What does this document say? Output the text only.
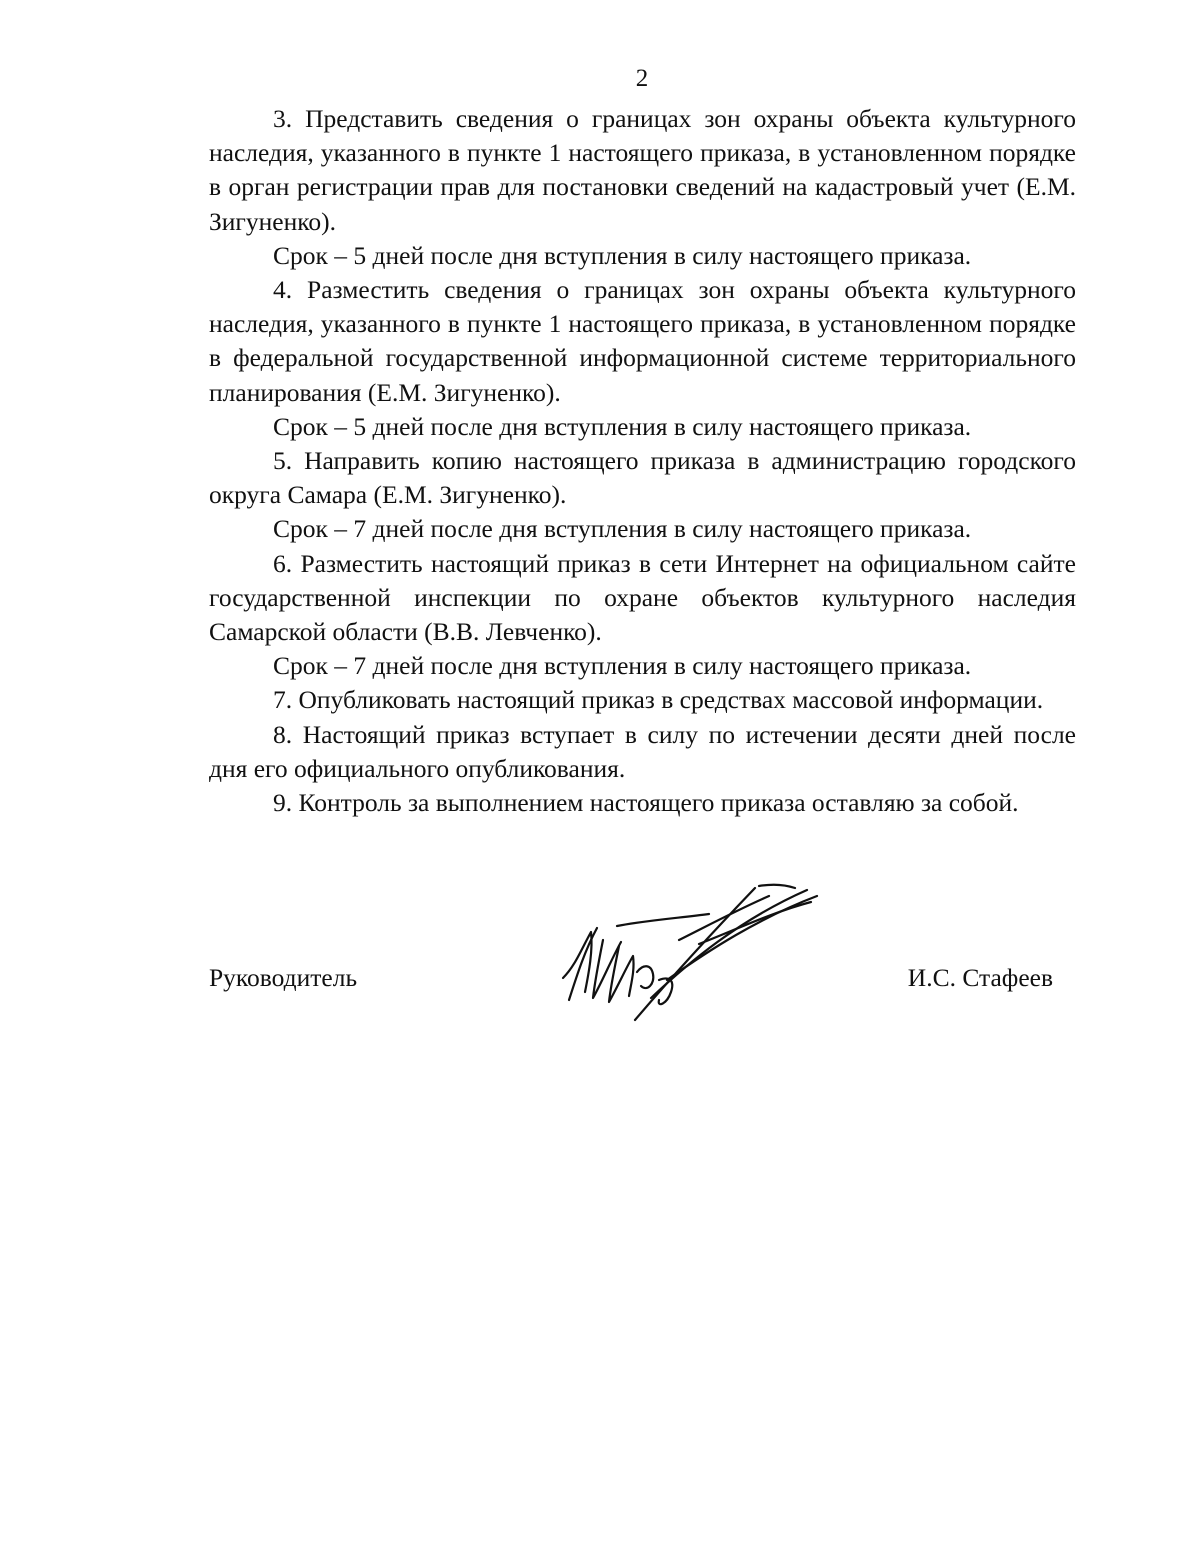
2

3. Представить сведения о границах зон охраны объекта культурного наследия, указанного в пункте 1 настоящего приказа, в установленном порядке в орган регистрации прав для постановки сведений на кадастровый учет (Е.М. Зигуненко).

Срок – 5 дней после дня вступления в силу настоящего приказа.

4. Разместить сведения о границах зон охраны объекта культурного наследия, указанного в пункте 1 настоящего приказа, в установленном порядке в федеральной государственной информационной системе территориального планирования (Е.М. Зигуненко).

Срок – 5 дней после дня вступления в силу настоящего приказа.

5. Направить копию настоящего приказа в администрацию городского округа Самара (Е.М. Зигуненко).

Срок – 7 дней после дня вступления в силу настоящего приказа.

6. Разместить настоящий приказ в сети Интернет на официальном сайте государственной инспекции по охране объектов культурного наследия Самарской области (В.В. Левченко).

Срок – 7 дней после дня вступления в силу настоящего приказа.

7. Опубликовать настоящий приказ в средствах массовой информации.

8. Настоящий приказ вступает в силу по истечении десяти дней после дня его официального опубликования.

9. Контроль за выполнением настоящего приказа оставляю за собой.

Руководитель	И.С. Стафеев
